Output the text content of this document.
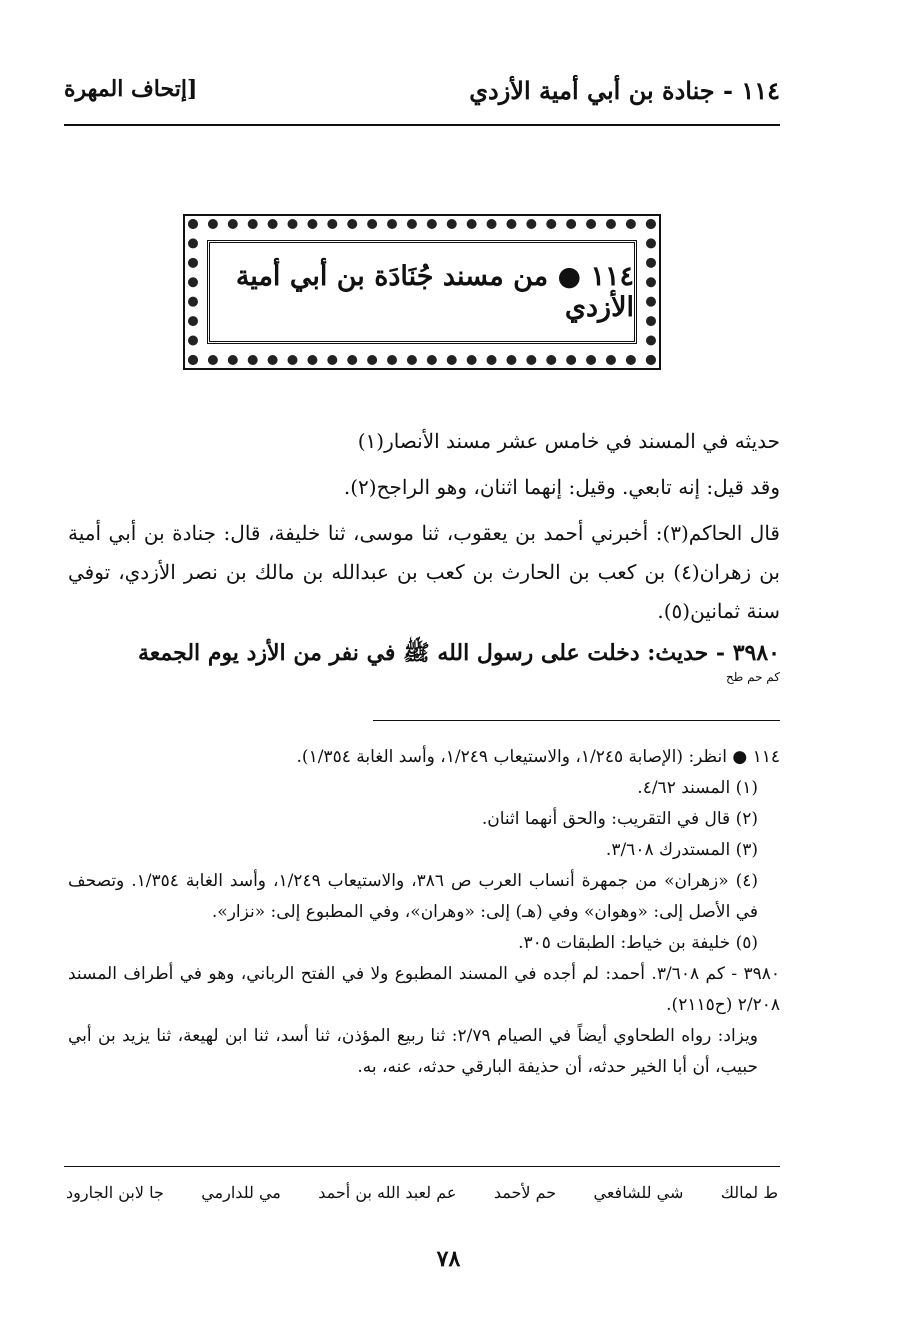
١١٤ - جنادة بن أبي أمية الأزدي
[إتحاف المهرة
١١٤ ● من مسند جُنَادَة بن أبي أمية الأزدي
حديثه في المسند في خامس عشر مسند الأنصار(١)
وقد قيل: إنه تابعي. وقيل: إنهما اثنان، وهو الراجح(٢).
قال الحاكم(٣): أخبرني أحمد بن يعقوب، ثنا موسى، ثنا خليفة، قال: جنادة بن أبي أمية بن زهران(٤) بن كعب بن الحارث بن كعب بن عبدالله بن مالك بن نصر الأزدي، توفي سنة ثمانين(٥).
٣٩٨٠ - حديث: دخلت على رسول الله ﷺ في نفر من الأزد يوم الجمعة
كم حم طح

١١٤ ● انظر: (الإصابة ١/٢٤٥، والاستيعاب ١/٢٤٩، وأسد الغابة ١/٣٥٤).

(١) المسند ٤/٦٢.

(٢) قال في التقريب: والحق أنهما اثنان.

(٣) المستدرك ٣/٦٠٨.

(٤) «زهران» من جمهرة أنساب العرب ص ٣٨٦، والاستيعاب ١/٢٤٩، وأسد الغابة ١/٣٥٤. وتصحف في الأصل إلى: «وهوان» وفي (هـ) إلى: «وهران»، وفي المطبوع إلى: «نزار».

(٥) خليفة بن خياط: الطبقات ٣٠٥.

٣٩٨٠ - كم ٣/٦٠٨. أحمد: لم أجده في المسند المطبوع ولا في الفتح الرباني، وهو في أطراف المسند ٢/٢٠٨ (ح٢١١٥).

ويزاد: رواه الطحاوي أيضاً في الصيام ٢/٧٩: ثنا ربيع المؤذن، ثنا أسد، ثنا ابن لهيعة، ثنا يزيد بن أبي حبيب، أن أبا الخير حدثه، أن حذيفة البارقي حدثه، عنه، به.

ط لمالك
شي للشافعي
حم لأحمد
عم لعبد الله بن أحمد
مي للدارمي
جا لابن الجارود
٧٨
